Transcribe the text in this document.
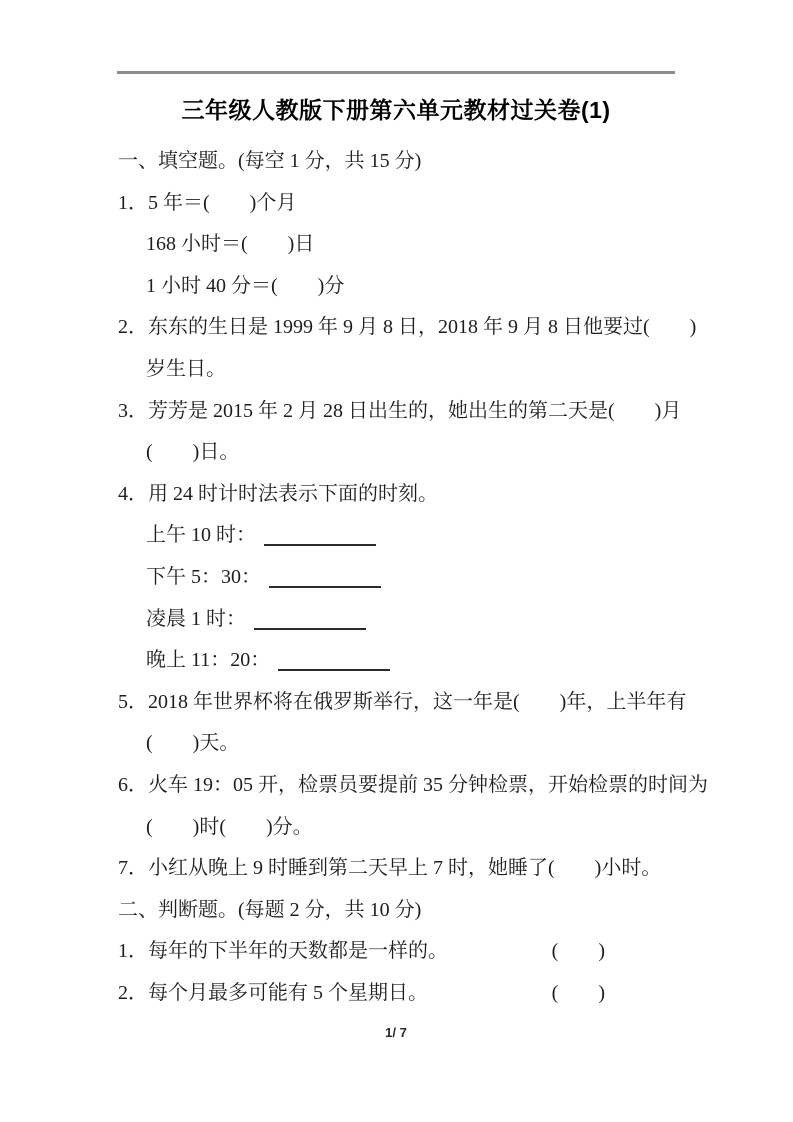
三年级人教版下册第六单元教材过关卷(1)
一、填空题。(每空 1 分，共 15 分)
1．5 年＝(　　)个月
168 小时＝(　　)日
1 小时 40 分＝(　　)分
2．东东的生日是 1999 年 9 月 8 日，2018 年 9 月 8 日他要过(　　)
岁生日。
3．芳芳是 2015 年 2 月 28 日出生的，她出生的第二天是(　　)月
(　　)日。
4．用 24 时计时法表示下面的时刻。
上午 10 时：
下午 5：30：
凌晨 1 时：
晚上 11：20：
5．2018 年世界杯将在俄罗斯举行，这一年是(　　)年，上半年有
(　　)天。
6．火车 19：05 开，检票员要提前 35 分钟检票，开始检票的时间为
(　　)时(　　)分。
7．小红从晚上 9 时睡到第二天早上 7 时，她睡了(　　)小时。
二、判断题。(每题 2 分，共 10 分)
1．每年的下半年的天数都是一样的。	(　　)
2．每个月最多可能有 5 个星期日。	(　　)
1/ 7
